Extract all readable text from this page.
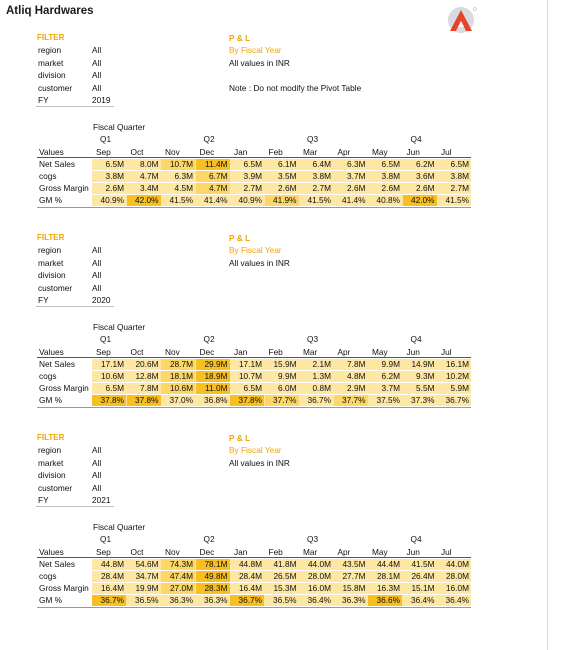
Atliq Hardwares
FILTER
region	All
market	All
division	All
customer All
FY	2019
P & L
By Fiscal Year
All values in INR
Note : Do not modify the Pivot Table
Fiscal Quarter
Q1	Q2	Q3	Q4
Values	Sep Oct	Nov Dec Jan	Feb Mar Apr	May Jun	Jul
Net Sales	6.5M	8.0M	10.7M	11.4M	6.5M	6.1M	6.4M	6.3M	6.5M	6.2M	6.5M
cogs	3.8M	4.7M	6.3M	6.7M	3.9M	3.5M	3.8M	3.7M	3.8M	3.6M	3.8M
Gross Margin	2.6M	3.4M	4.5M	4.7M	2.7M	2.6M	2.7M	2.6M	2.6M	2.6M	2.7M
GM %	40.9%	42.0%	41.5%	41.4%	40.9%	41.9%	41.5%	41.4%	40.8%	42.0%	41.5%
FILTER
region	All
market	All
division	All
customer All
FY	2020
P & L
By Fiscal Year
All values in INR
Fiscal Quarter
Q1	Q2	Q3	Q4
Values	Sep Oct	Nov Dec Jan	Feb Mar Apr	May Jun	Jul
Net Sales	17.1M	20.6M	28.7M	29.9M	17.1M	15.9M	2.1M	7.8M	9.9M	14.9M	16.1M
cogs	10.6M	12.8M	18.1M	18.9M	10.7M	9.9M	1.3M	4.8M	6.2M	9.3M	10.2M
Gross Margin	6.5M	7.8M	10.6M	11.0M	6.5M	6.0M	0.8M	2.9M	3.7M	5.5M	5.9M
GM %	37.8%	37.8%	37.0%	36.8%	37.8%	37.7%	36.7%	37.7%	37.5%	37.3%	36.7%
FILTER
region	All
market	All
division	All
customer All
FY	2021
P & L
By Fiscal Year
All values in INR
Fiscal Quarter
Q1	Q2	Q3	Q4
Values	Sep Oct	Nov Dec Jan	Feb Mar Apr	May Jun	Jul
Net Sales	44.8M	54.6M	74.3M	78.1M	44.8M	41.8M	44.0M	43.5M	44.4M	41.5M	44.0M
cogs	28.4M	34.7M	47.4M	49.8M	28.4M	26.5M	28.0M	27.7M	28.1M	26.4M	28.0M
Gross Margin	16.4M	19.9M	27.0M	28.3M	16.4M	15.3M	16.0M	15.8M	16.3M	15.1M	16.0M
GM %	36.7%	36.5%	36.3%	36.3%	36.7%	36.5%	36.4%	36.3%	36.6%	36.4%	36.4%
